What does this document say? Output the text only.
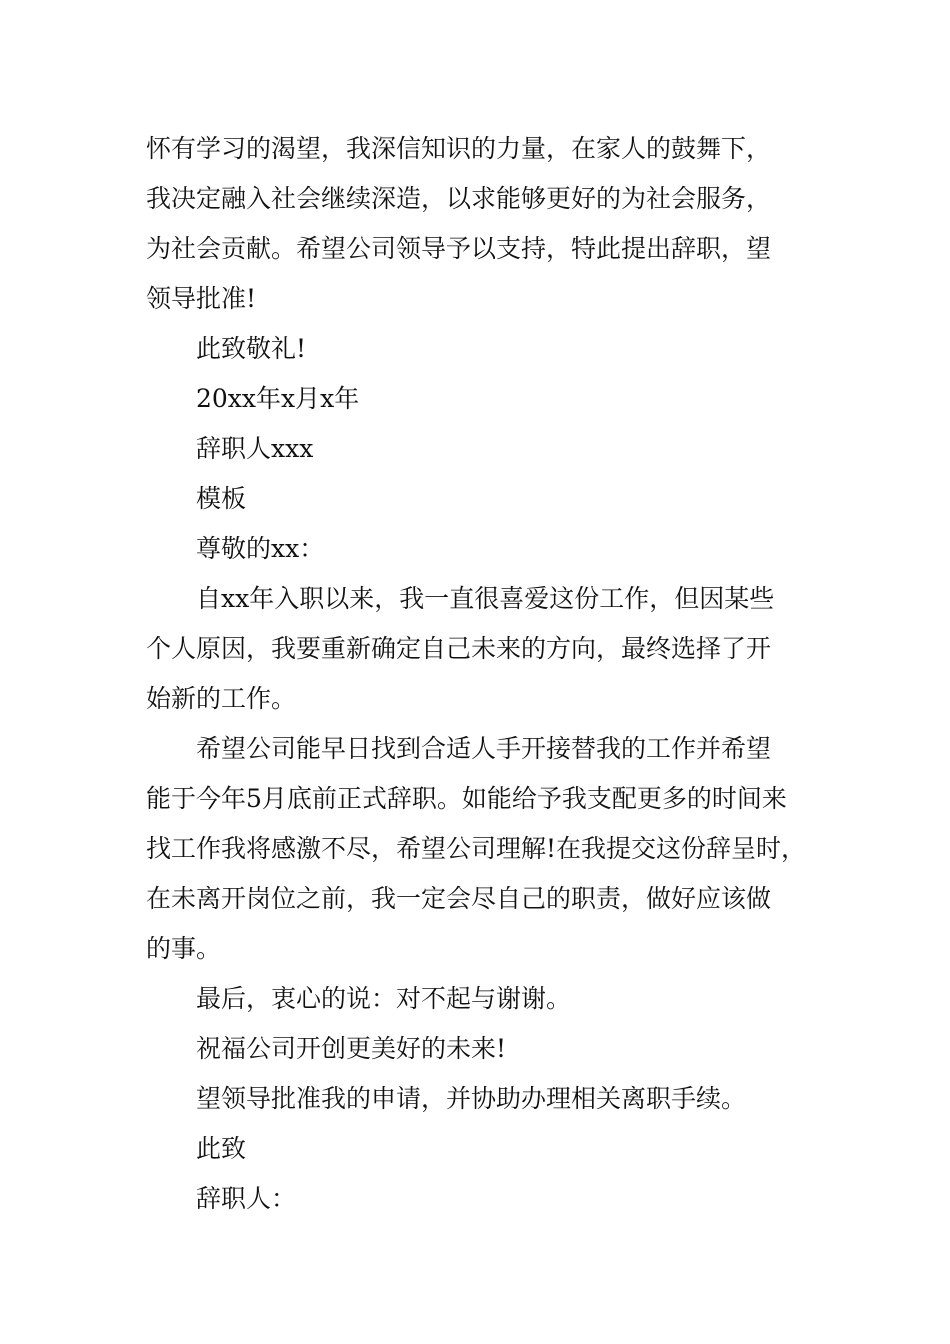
怀有学习的渴望，我深信知识的力量，在家人的鼓舞下，
我决定融入社会继续深造，以求能够更好的为社会服务，
为社会贡献。希望公司领导予以支持，特此提出辞职，望
领导批准!

此致敬礼!

20xx年x月x年

辞职人xxx

模板

尊敬的xx：

自xx年入职以来，我一直很喜爱这份工作，但因某些
个人原因，我要重新确定自己未来的方向，最终选择了开
始新的工作。

希望公司能早日找到合适人手开接替我的工作并希望
能于今年5月底前正式辞职。如能给予我支配更多的时间来
找工作我将感激不尽，希望公司理解!在我提交这份辞呈时，
在未离开岗位之前，我一定会尽自己的职责，做好应该做
的事。

最后，衷心的说：对不起与谢谢。

祝福公司开创更美好的未来!

望领导批准我的申请，并协助办理相关离职手续。

此致

辞职人：
